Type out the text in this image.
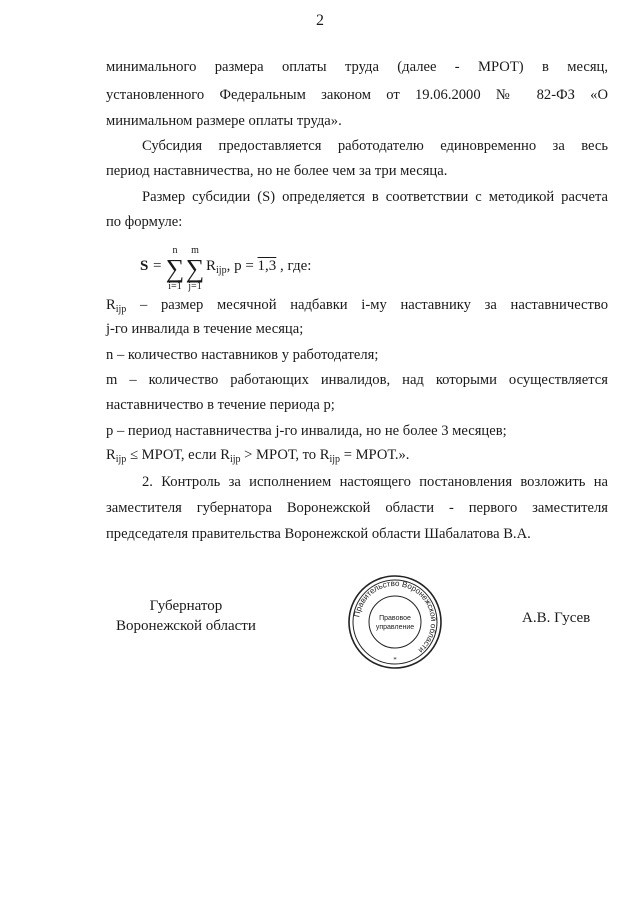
2
минимального размера оплаты труда (далее - МРОТ) в месяц,
установленного Федеральным законом от 19.06.2000 № 82-ФЗ «О
минимальном размере оплаты труда».
Субсидия предоставляется работодателю единовременно за весь
период наставничества, но не более чем за три месяца.
Размер субсидии (S) определяется в соответствии с методикой расчета
по формуле:
S =
n
∑
i=1
m
∑
j=1
$R_{ijp}$, p = 1,3 , где:
$R_{ijp}$ – размер месячной надбавки i-му наставнику за наставничество
j-го инвалида в течение месяца;
n – количество наставников у работодателя;
m – количество работающих инвалидов, над которыми осуществляется
наставничество в течение периода p;
p – период наставничества j-го инвалида, но не более 3 месяцев;
$R_{ijp}$ ≤ МРОТ, если $R_{ijp}$ > МРОТ, то $R_{ijp}$ = МРОТ.».
2. Контроль за исполнением настоящего постановления возложить на
заместителя губернатора Воронежской области - первого заместителя
председателя правительства Воронежской области Шабалатова В.А.
Губернатор
Воронежской области
Правительство Воронежской области
Правовое
управление
*
А.В. Гусев
